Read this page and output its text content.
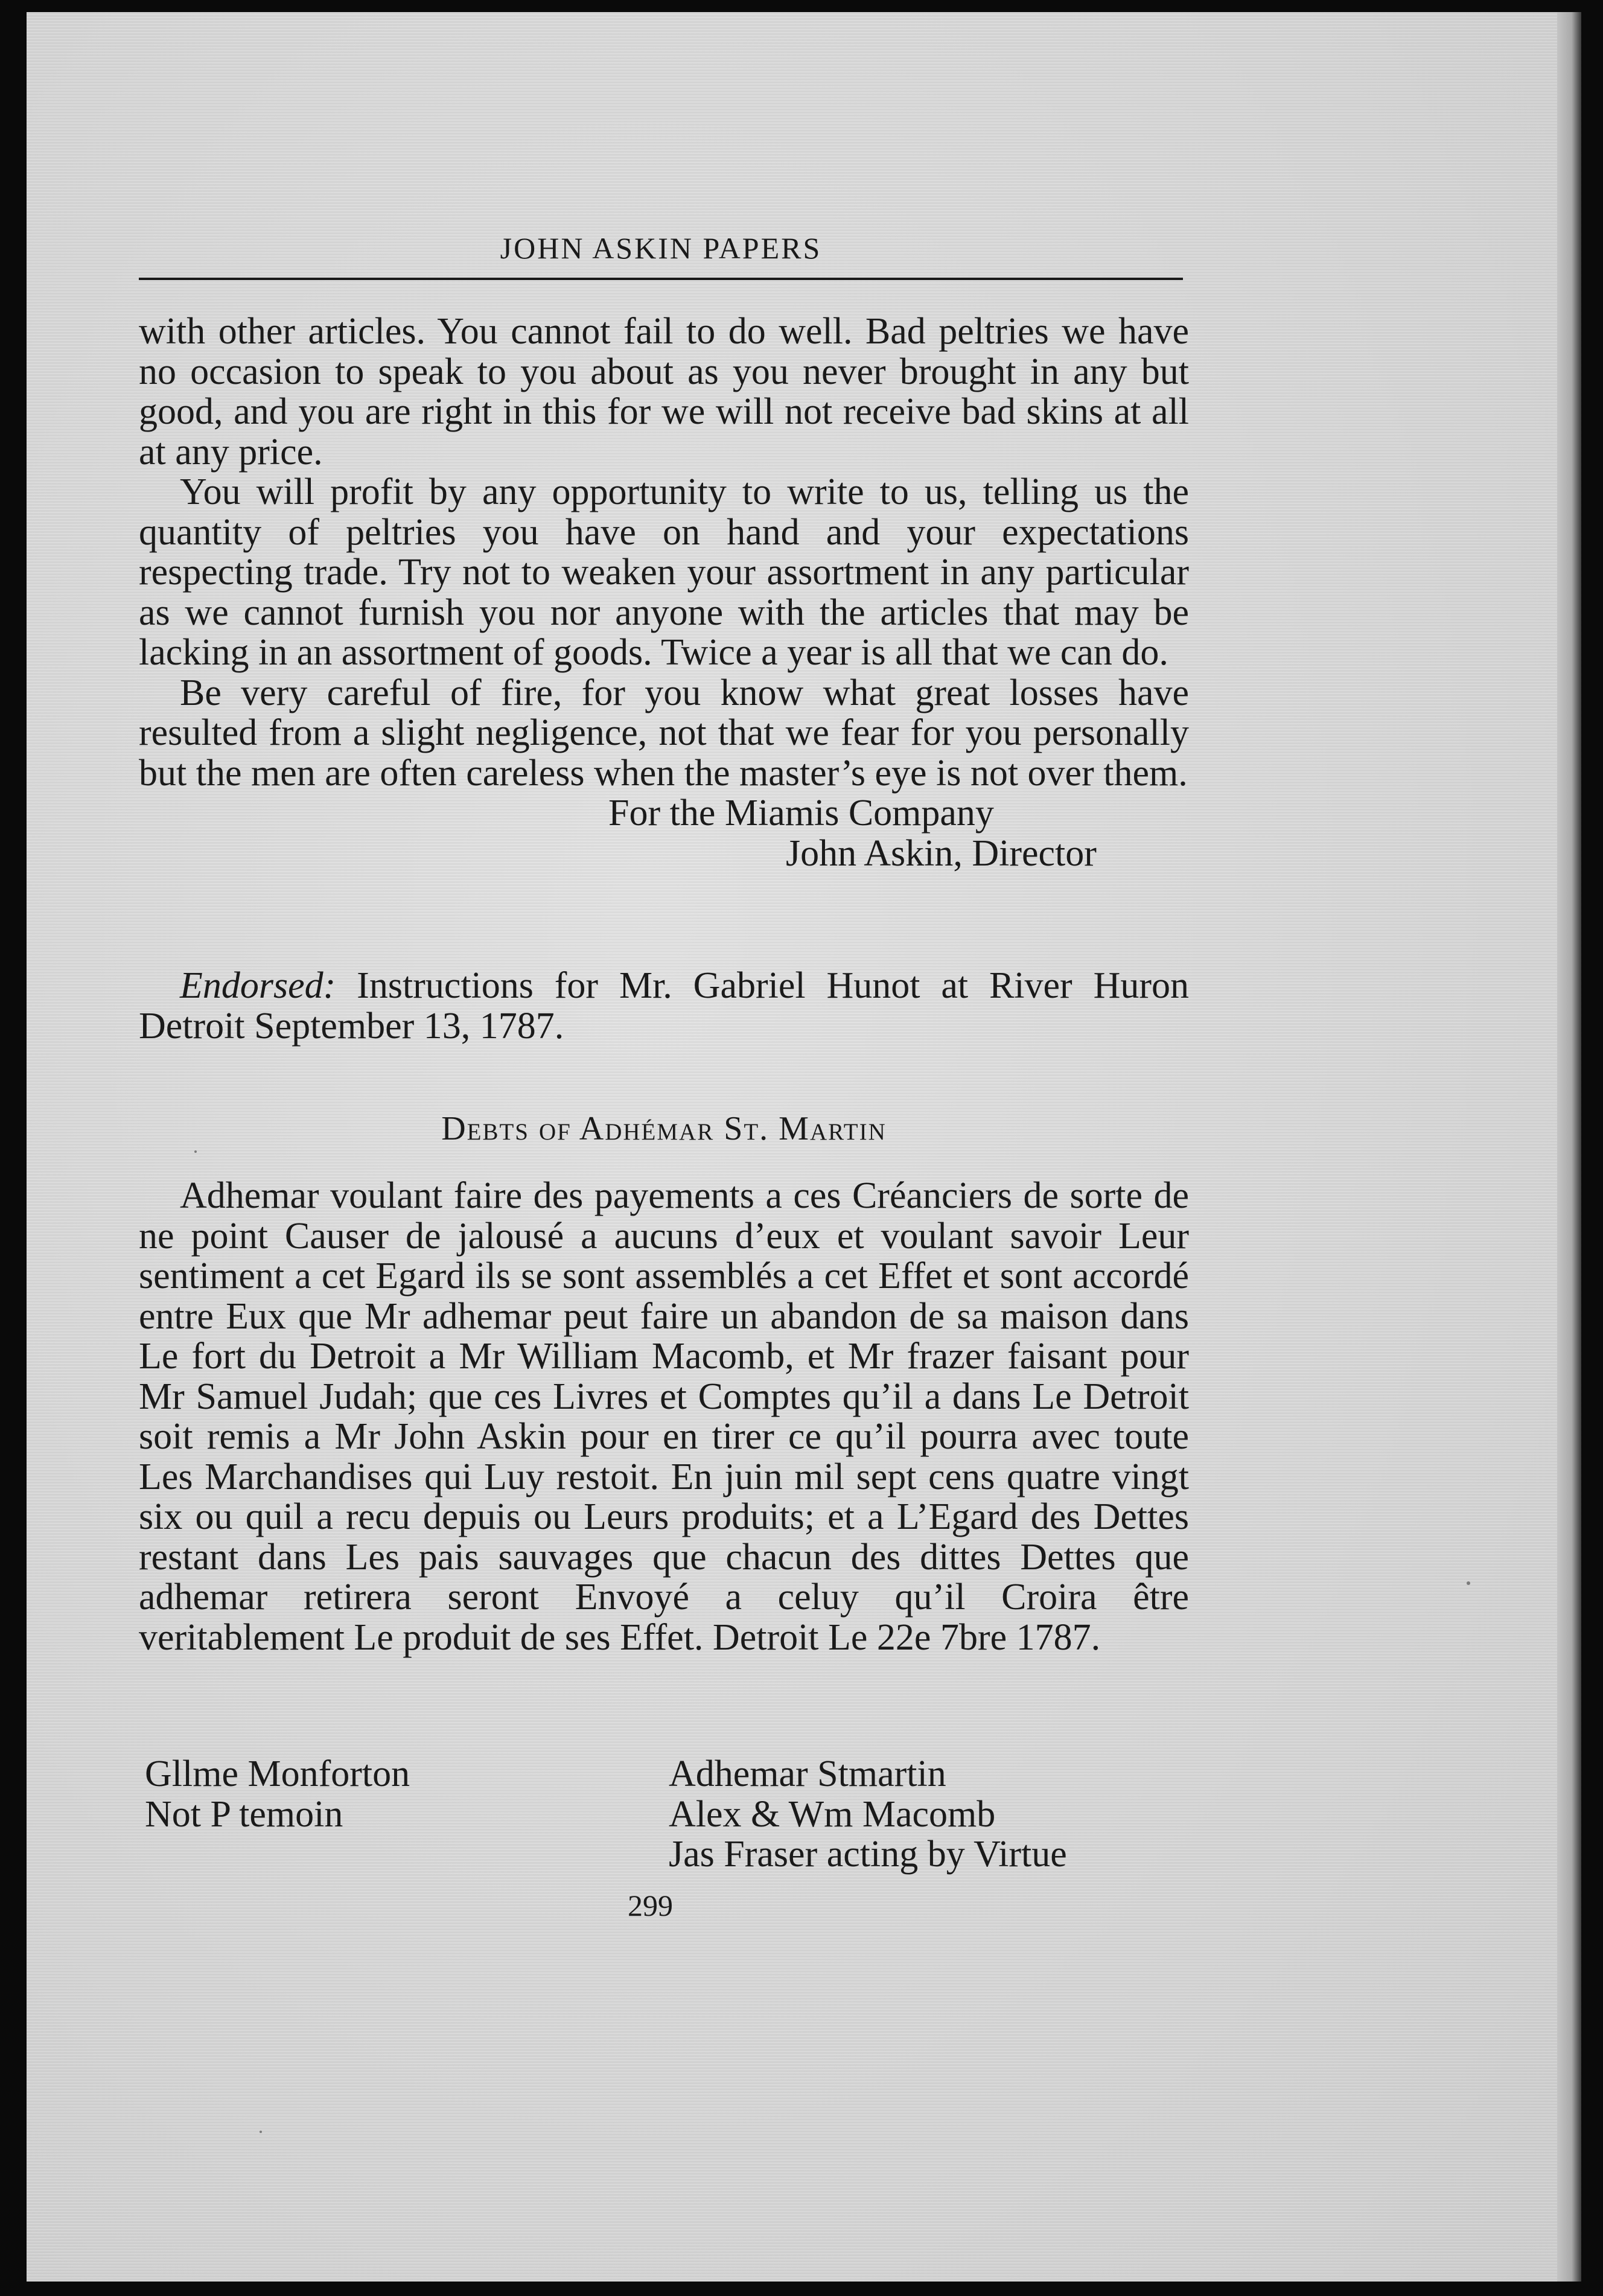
JOHN ASKIN PAPERS

with other articles. You cannot fail to do well. Bad peltries we have no occasion to speak to you about as you never brought in any but good, and you are right in this for we will not receive bad skins at all at any price.

You will profit by any opportunity to write to us, telling us the quantity of peltries you have on hand and your expectations respecting trade. Try not to weaken your assortment in any particular as we cannot furnish you nor anyone with the articles that may be lacking in an assortment of goods. Twice a year is all that we can do.

Be very careful of fire, for you know what great losses have resulted from a slight negligence, not that we fear for you personally but the men are often careless when the master’s eye is not over them.

For the Miamis Company

John Askin, Director

Endorsed: Instructions for Mr. Gabriel Hunot at River Huron Detroit September 13, 1787.

Debts of Adhémar St. Martin

Adhemar voulant faire des payements a ces Créanciers de sorte de ne point Causer de jalousé a aucuns d’eux et voulant savoir Leur sentiment a cet Egard ils se sont assemblés a cet Effet et sont accordé entre Eux que Mr adhemar peut faire un abandon de sa maison dans Le fort du Detroit a Mr William Macomb, et Mr frazer faisant pour Mr Samuel Judah; que ces Livres et Comptes qu’il a dans Le Detroit soit remis a Mr John Askin pour en tirer ce qu’il pourra avec toute Les Marchandises qui Luy restoit. En juin mil sept cens quatre vingt six ou quil a recu depuis ou Leurs produits; et a L’Egard des Dettes restant dans Les pais sauvages que chacun des dittes Dettes que adhemar retirera seront Envoyé a celuy qu’il Croira être veritablement Le produit de ses Effet. Detroit Le 22e 7bre 1787.

Gllme Monforton

Not P temoin

Adhemar Stmartin

Alex & Wm Macomb

Jas Fraser acting by Virtue

299
